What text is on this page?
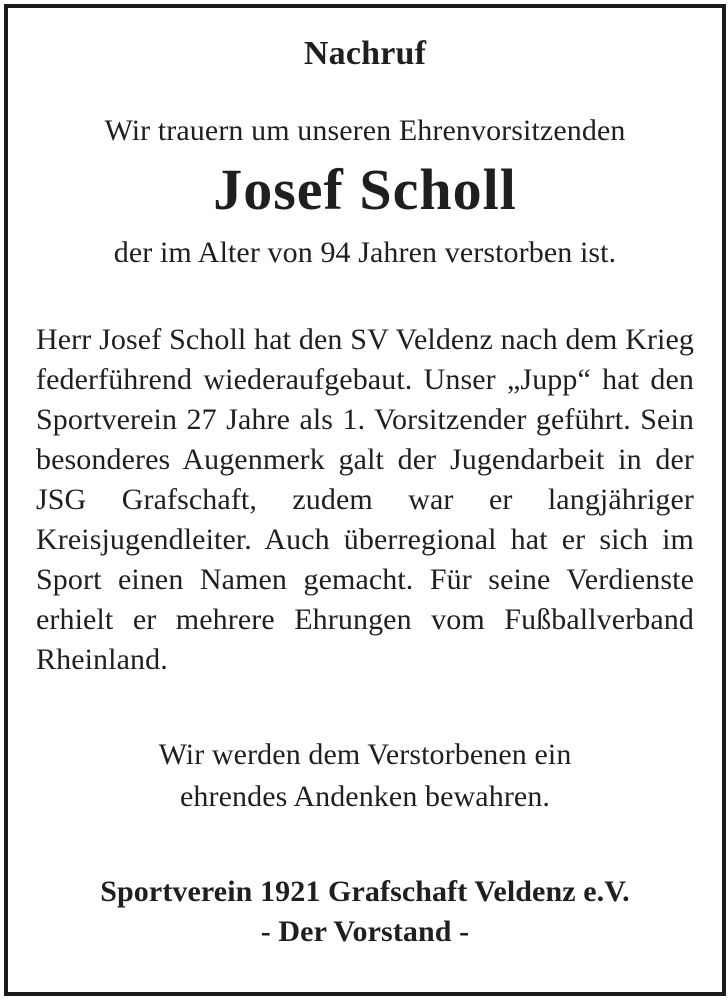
Nachruf
Wir trauern um unseren Ehrenvorsitzenden
Josef Scholl
der im Alter von 94 Jahren verstorben ist.

Herr Josef Scholl hat den SV Veldenz nach dem Krieg federführend wiederaufgebaut. Unser „Jupp“ hat den Sportverein 27 Jahre als 1. Vorsitzender geführt. Sein besonderes Augenmerk galt der Jugendarbeit in der JSG Grafschaft, zudem war er langjähriger Kreisjugendleiter. Auch überregional hat er sich im Sport einen Namen gemacht. Für seine Verdienste erhielt er mehrere Ehrungen vom Fußballverband Rheinland.

Wir werden dem Verstorbenen ein
ehrendes Andenken bewahren.
Sportverein 1921 Grafschaft Veldenz e.V.
- Der Vorstand -
